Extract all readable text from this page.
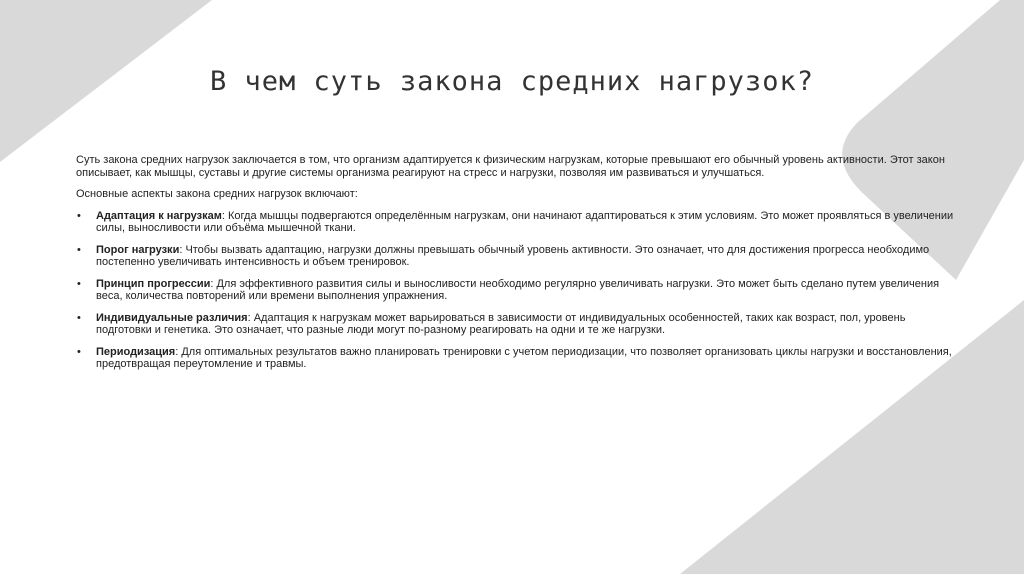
В чем суть закона средних нагрузок?

Суть закона средних нагрузок заключается в том, что организм адаптируется к физическим нагрузкам, которые превышают его обычный уровень активности. Этот закон описывает, как мышцы, суставы и другие системы организма реагируют на стресс и нагрузки, позволяя им развиваться и улучшаться.

Основные аспекты закона средних нагрузок включают:

• Адаптация к нагрузкам: Когда мышцы подвергаются определённым нагрузкам, они начинают адаптироваться к этим условиям. Это может проявляться в увеличении силы, выносливости или объёма мышечной ткани.
• Порог нагрузки: Чтобы вызвать адаптацию, нагрузки должны превышать обычный уровень активности. Это означает, что для достижения прогресса необходимо постепенно увеличивать интенсивность и объем тренировок.
• Принцип прогрессии: Для эффективного развития силы и выносливости необходимо регулярно увеличивать нагрузки. Это может быть сделано путем увеличения веса, количества повторений или времени выполнения упражнения.
• Индивидуальные различия: Адаптация к нагрузкам может варьироваться в зависимости от индивидуальных особенностей, таких как возраст, пол, уровень подготовки и генетика. Это означает, что разные люди могут по-разному реагировать на одни и те же нагрузки.
• Периодизация: Для оптимальных результатов важно планировать тренировки с учетом периодизации, что позволяет организовать циклы нагрузки и восстановления, предотвращая переутомление и травмы.
